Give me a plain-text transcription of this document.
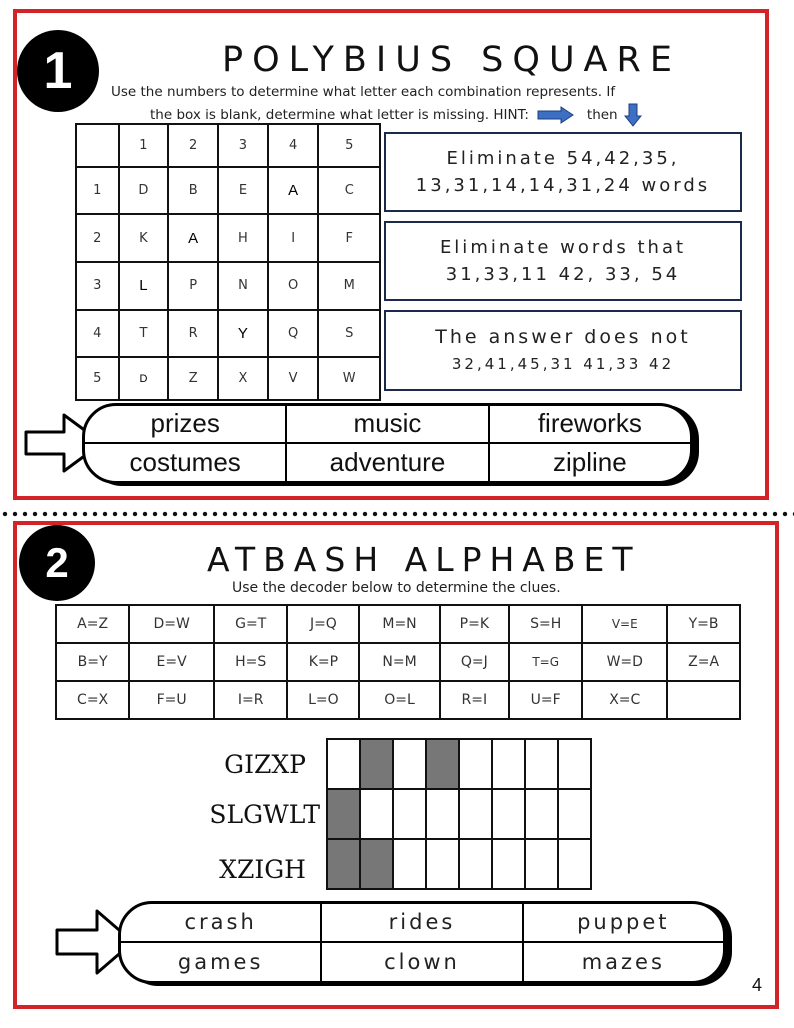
1	POLYBIUS SQUARE
Use the numbers to determine what letter each combination represents. If
the box is blank, determine what letter is missing. HINT:	then
	1	2	3	4	5
1	D	B	E	A	C
2	K	A	H	I	F
3	L	P	N	O	M
4	T	R	Y	Q	S
5	D	Z	X	V	W
Eliminate 54,42,35,
13,31,14,14,31,24 words
Eliminate words that
31,33,11 42, 33, 54
The answer does not
32,41,45,31 41,33 42
prizes	music	fireworks
costumes	adventure	zipline
2	ATBASH ALPHABET
Use the decoder below to determine the clues.
A=Z	D=W	G=T	J=Q	M=N	P=K	S=H	V=E	Y=B
B=Y	E=V	H=S	K=P	N=M	Q=J	T=G	W=D	Z=A
C=X	F=U	I=R	L=O	O=L	R=I	U=F	X=C	
GIZXP
SLGWLT
XZIGH

crash	rides	puppet
games	clown	mazes
4
